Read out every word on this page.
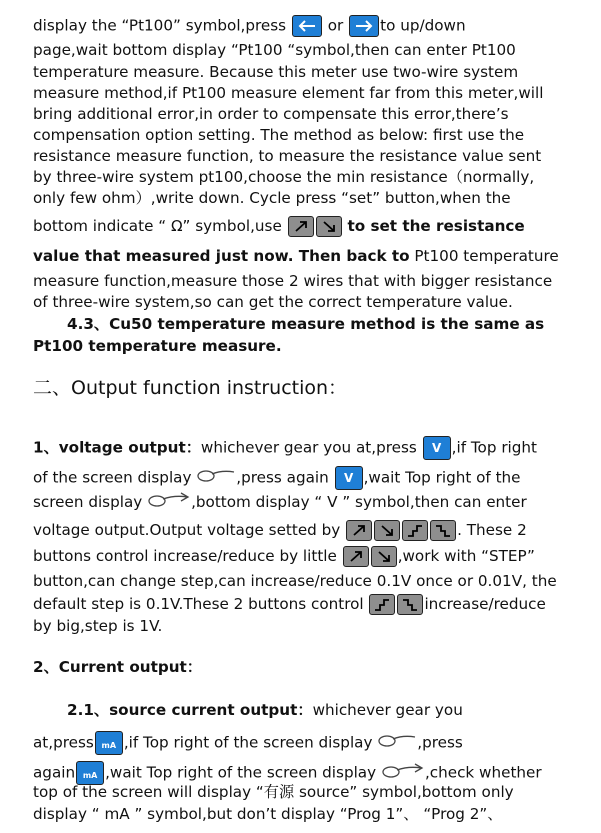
display the “Pt100” symbol,press	or to up/down
page,wait bottom display “Pt100 “symbol,then can enter Pt100
temperature measure. Because this meter use two-wire system
measure method,if Pt100 measure element far from this meter,will
bring additional error,in order to compensate this error,there’s
compensation option setting. The method as below: first use the
resistance measure function, to measure the resistance value sent
by three-wire system pt100,choose the min resistance（normally,
only few ohm）,write down. Cycle press “set” button,when the
bottom indicate “ Ω” symbol,use	to set the resistance
value that measured just now. Then back to Pt100 temperature
measure function,measure those 2 wires that with bigger resistance
of three-wire system,so can get the correct temperature value.
4.3、Cu50 temperature measure method is the same as
Pt100 temperature measure.
二、Output function instruction：
1、voltage output：whichever gear you at,press	V ,if Top right
of the screen display	,press again	V ,wait Top right of the
screen display	,bottom display “ V ” symbol,then can enter
voltage output.Output voltage setted by	. These 2
buttons control increase/reduce by little	,work with “STEP”
button,can change step,can increase/reduce 0.1V once or 0.01V, the
default step is 0.1V.These 2 buttons control	increase/reduce
by big,step is 1V.
2、Current output：
2.1、source current output：whichever gear you
at,press mA ,if Top right of the screen display	,press
again mA ,wait Top right of the screen display	,check whether
top of the screen will display “有源 source” symbol,bottom only
display “ mA ” symbol,but don’t display “Prog 1”、 “Prog 2”、
